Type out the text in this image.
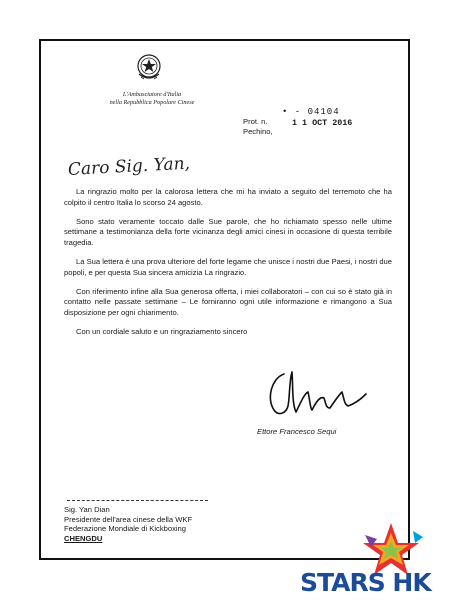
L'Ambasciatore d'Italia
nella Repubblica Popolare Cinese
Prot. n.
Pechino,
• - 04104
1 1 OCT 2016
Caro Sig. Yan,

La ringrazio molto per la calorosa lettera che mi ha inviato a seguito del terremoto che ha colpito il centro Italia lo scorso 24 agosto.

Sono stato veramente toccato dalle Sue parole, che ho richiamato spesso nelle ultime settimane a testimonianza della forte vicinanza degli amici cinesi in occasione di questa terribile tragedia.

La Sua lettera è una prova ulteriore del forte legame che unisce i nostri due Paesi, i nostri due popoli, e per questa Sua sincera amicizia La ringrazio.

Con riferimento infine alla Sua generosa offerta, i miei collaboratori – con cui so è stato già in contatto nelle passate settimane – Le forniranno ogni utile informazione e rimangono a Sua disposizione per ogni chiarimento.

Con un cordiale saluto e un ringraziamento sincero

Ettore Francesco Sequi
Sig. Yan Dian
Presidente dell'area cinese della WKF
Federazione Mondiale di Kickboxing
CHENGDU
STARS HK
